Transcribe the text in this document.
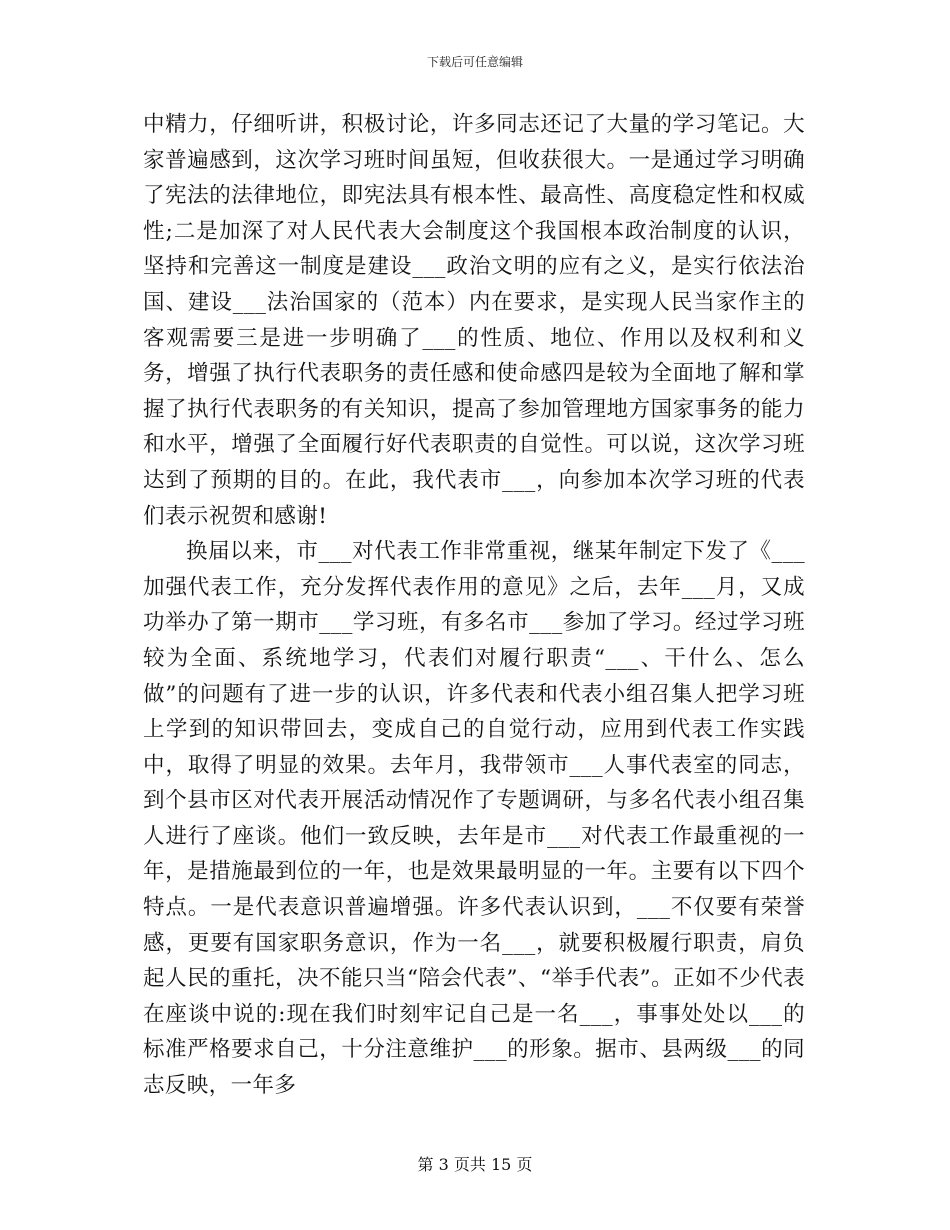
下载后可任意编辑

中精力，仔细听讲，积极讨论，许多同志还记了大量的学习笔记。大家普遍感到，这次学习班时间虽短，但收获很大。一是通过学习明确了宪法的法律地位，即宪法具有根本性、最高性、高度稳定性和权威性;二是加深了对人民代表大会制度这个我国根本政治制度的认识，坚持和完善这一制度是建设___政治文明的应有之义，是实行依法治国、建设___法治国家的（范本）内在要求，是实现人民当家作主的客观需要三是进一步明确了___的性质、地位、作用以及权利和义务，增强了执行代表职务的责任感和使命感四是较为全面地了解和掌握了执行代表职务的有关知识，提高了参加管理地方国家事务的能力和水平，增强了全面履行好代表职责的自觉性。可以说，这次学习班达到了预期的目的。在此，我代表市___，向参加本次学习班的代表们表示祝贺和感谢!

换届以来，市___对代表工作非常重视，继某年制定下发了《___加强代表工作，充分发挥代表作用的意见》之后，去年___月，又成功举办了第一期市___学习班，有多名市___参加了学习。经过学习班较为全面、系统地学习，代表们对履行职责“___、干什么、怎么做”的问题有了进一步的认识，许多代表和代表小组召集人把学习班上学到的知识带回去，变成自己的自觉行动，应用到代表工作实践中，取得了明显的效果。去年月，我带领市___人事代表室的同志，到个县市区对代表开展活动情况作了专题调研，与多名代表小组召集人进行了座谈。他们一致反映，去年是市___对代表工作最重视的一年，是措施最到位的一年，也是效果最明显的一年。主要有以下四个特点。一是代表意识普遍增强。许多代表认识到，___不仅要有荣誉感，更要有国家职务意识，作为一名___，就要积极履行职责，肩负起人民的重托，决不能只当“陪会代表”、“举手代表”。正如不少代表在座谈中说的:现在我们时刻牢记自己是一名___，事事处处以___的标准严格要求自己，十分注意维护___的形象。据市、县两级___的同志反映，一年多

第 3 页共 15 页
